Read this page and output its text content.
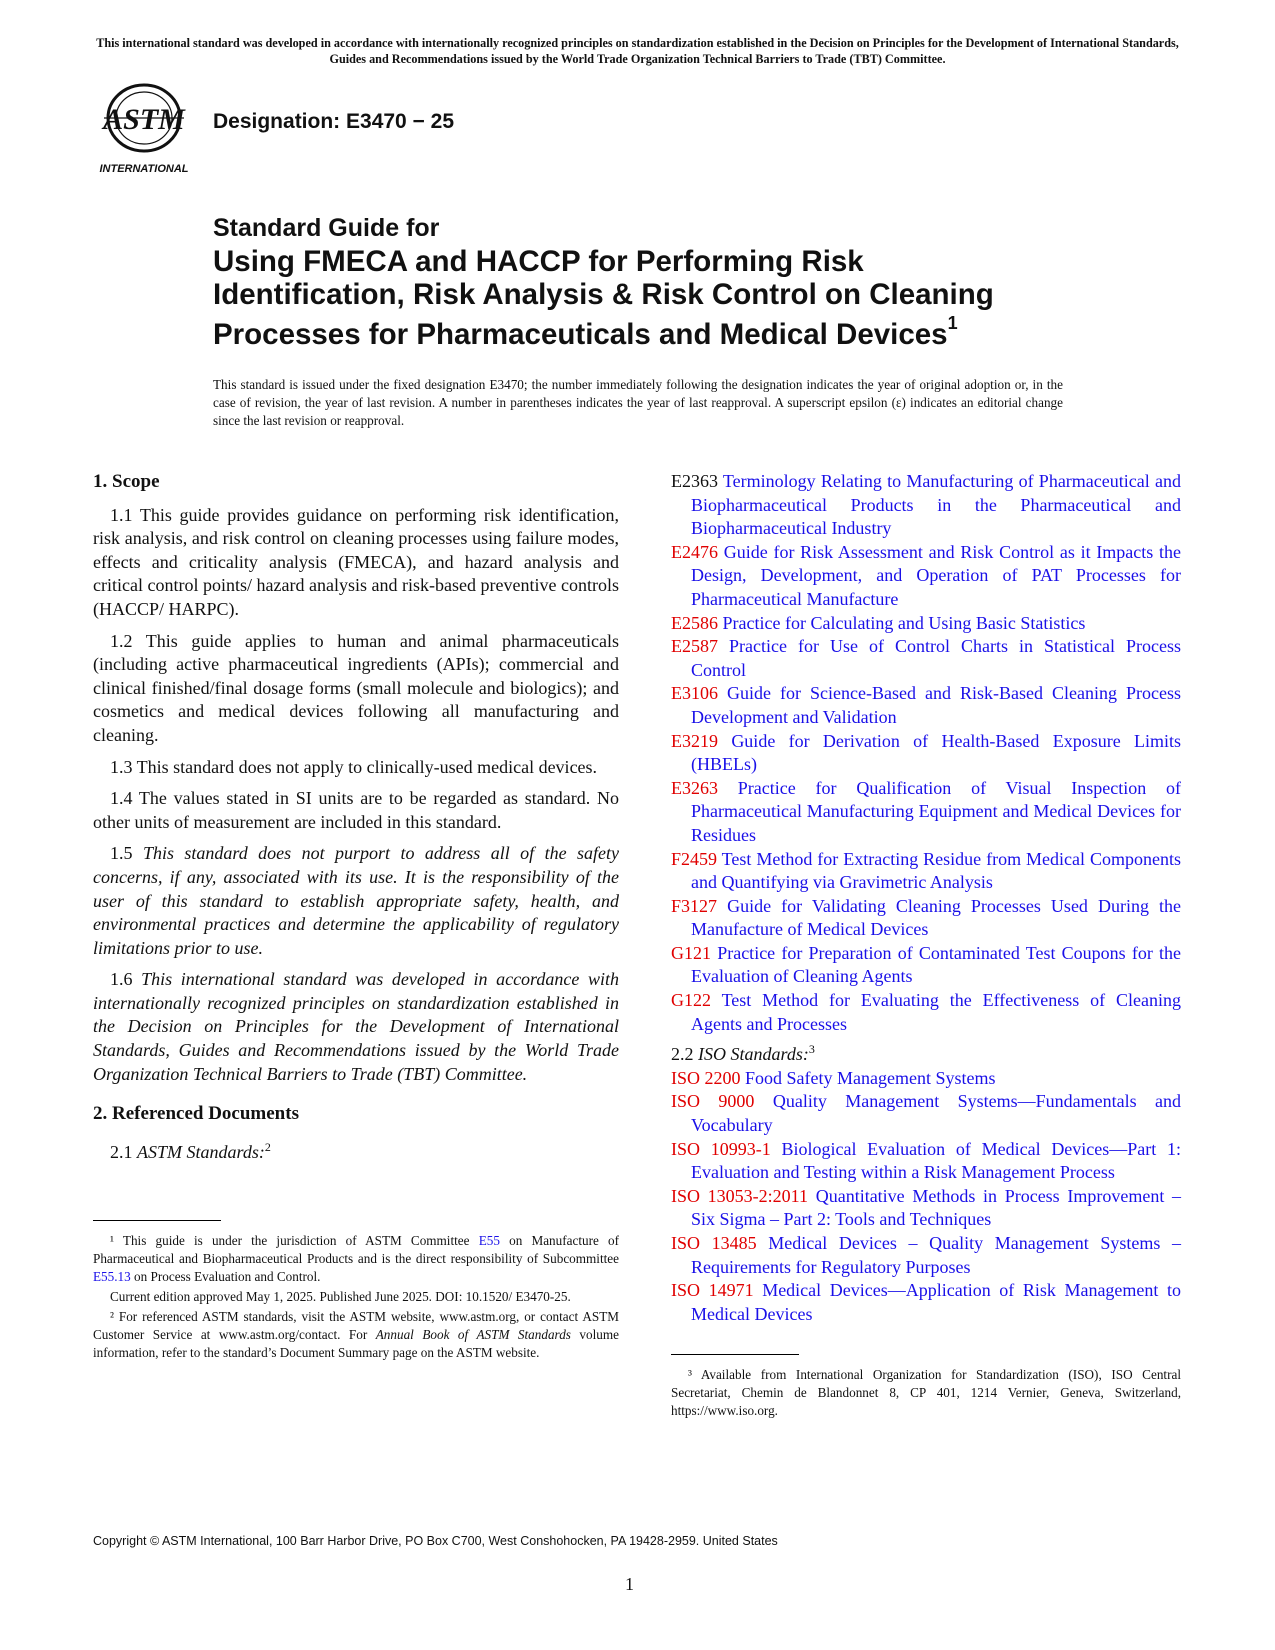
This international standard was developed in accordance with internationally recognized principles on standardization established in the Decision on Principles for the Development of International Standards, Guides and Recommendations issued by the World Trade Organization Technical Barriers to Trade (TBT) Committee.
ASTM
INTERNATIONAL
Designation: E3470 − 25
Standard Guide for
Using FMECA and HACCP for Performing Risk
Identification, Risk Analysis & Risk Control on Cleaning
Processes for Pharmaceuticals and Medical Devices$^1$
This standard is issued under the fixed designation E3470; the number immediately following the designation indicates the year of original adoption or, in the case of revision, the year of last revision. A number in parentheses indicates the year of last reapproval. A superscript epsilon (ε) indicates an editorial change since the last revision or reapproval.
1. Scope

1.1 This guide provides guidance on performing risk identification, risk analysis, and risk control on cleaning processes using failure modes, effects and criticality analysis (FMECA), and hazard analysis and critical control points/ hazard analysis and risk-based preventive controls (HACCP/ HARPC).

1.2 This guide applies to human and animal pharmaceuticals (including active pharmaceutical ingredients (APIs); commercial and clinical finished/final dosage forms (small molecule and biologics); and cosmetics and medical devices following all manufacturing and cleaning.

1.3 This standard does not apply to clinically-used medical devices.

1.4 The values stated in SI units are to be regarded as standard. No other units of measurement are included in this standard.

1.5 This standard does not purport to address all of the safety concerns, if any, associated with its use. It is the responsibility of the user of this standard to establish appropriate safety, health, and environmental practices and determine the applicability of regulatory limitations prior to use.

1.6 This international standard was developed in accordance with internationally recognized principles on standardization established in the Decision on Principles for the Development of International Standards, Guides and Recommendations issued by the World Trade Organization Technical Barriers to Trade (TBT) Committee.

2. Referenced Documents

2.1 ASTM Standards:$^2$

¹ This guide is under the jurisdiction of ASTM Committee E55 on Manufacture of Pharmaceutical and Biopharmaceutical Products and is the direct responsibility of Subcommittee E55.13 on Process Evaluation and Control.

Current edition approved May 1, 2025. Published June 2025. DOI: 10.1520/ E3470-25.

² For referenced ASTM standards, visit the ASTM website, www.astm.org, or contact ASTM Customer Service at www.astm.org/contact. For Annual Book of ASTM Standards volume information, refer to the standard’s Document Summary page on the ASTM website.

E2363 Terminology Relating to Manufacturing of Pharmaceutical and Biopharmaceutical Products in the Pharmaceutical and Biopharmaceutical Industry

E2476 Guide for Risk Assessment and Risk Control as it Impacts the Design, Development, and Operation of PAT Processes for Pharmaceutical Manufacture

E2586 Practice for Calculating and Using Basic Statistics

E2587 Practice for Use of Control Charts in Statistical Process Control

E3106 Guide for Science-Based and Risk-Based Cleaning Process Development and Validation

E3219 Guide for Derivation of Health-Based Exposure Limits (HBELs)

E3263 Practice for Qualification of Visual Inspection of Pharmaceutical Manufacturing Equipment and Medical Devices for Residues

F2459 Test Method for Extracting Residue from Medical Components and Quantifying via Gravimetric Analysis

F3127 Guide for Validating Cleaning Processes Used During the Manufacture of Medical Devices

G121 Practice for Preparation of Contaminated Test Coupons for the Evaluation of Cleaning Agents

G122 Test Method for Evaluating the Effectiveness of Cleaning Agents and Processes

2.2 ISO Standards:$^3$

ISO 2200 Food Safety Management Systems

ISO 9000 Quality Management Systems—Fundamentals and Vocabulary

ISO 10993-1 Biological Evaluation of Medical Devices—Part 1: Evaluation and Testing within a Risk Management Process

ISO 13053-2:2011 Quantitative Methods in Process Improvement – Six Sigma – Part 2: Tools and Techniques

ISO 13485 Medical Devices – Quality Management Systems – Requirements for Regulatory Purposes

ISO 14971 Medical Devices—Application of Risk Management to Medical Devices

³ Available from International Organization for Standardization (ISO), ISO Central Secretariat, Chemin de Blandonnet 8, CP 401, 1214 Vernier, Geneva, Switzerland, https://www.iso.org.

Copyright © ASTM International, 100 Barr Harbor Drive, PO Box C700, West Conshohocken, PA 19428-2959. United States
1
